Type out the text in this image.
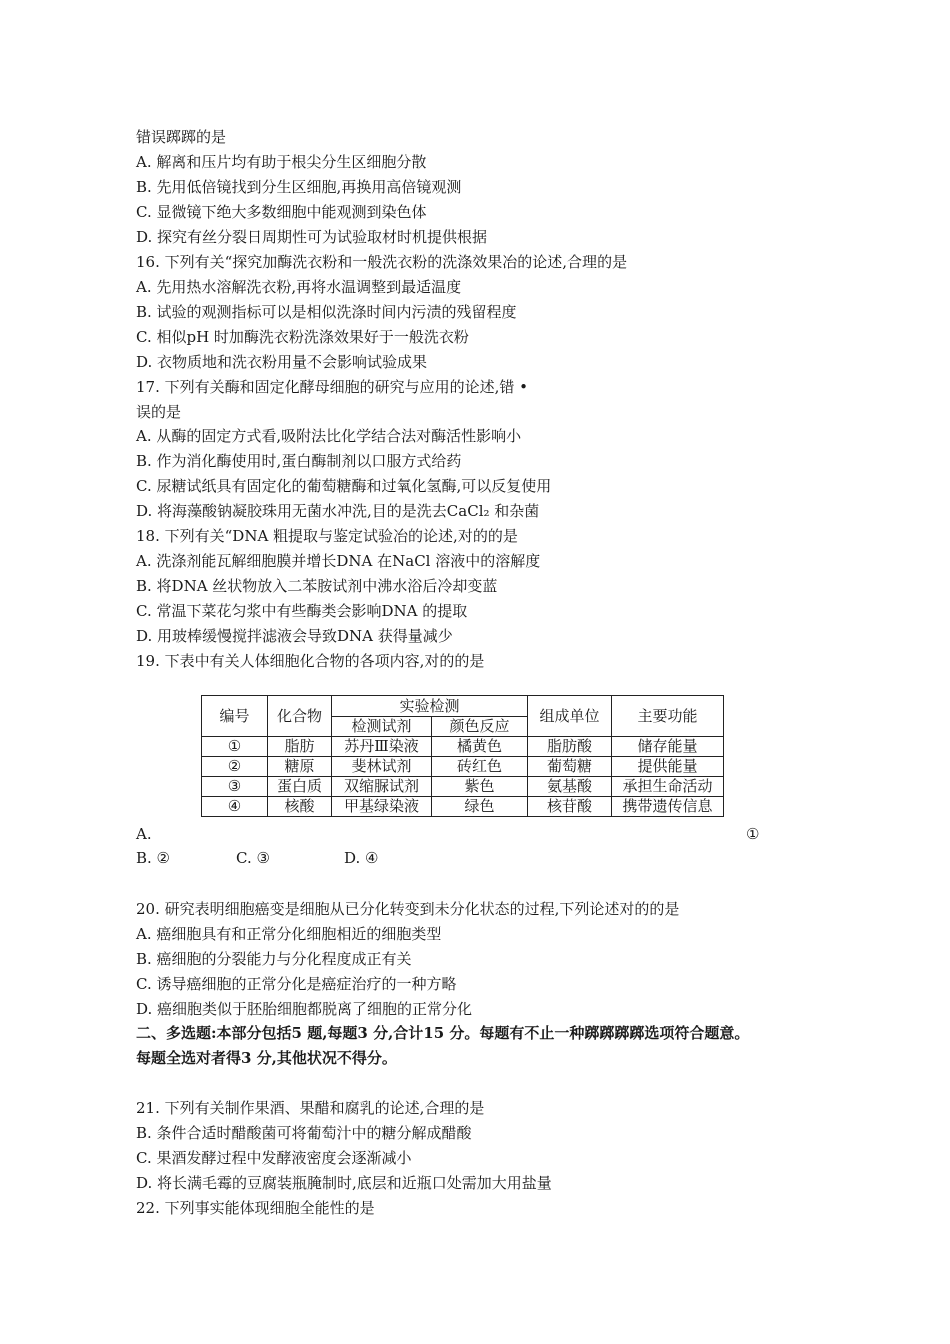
错误踯踯的是
A. 解离和压片均有助于根尖分生区细胞分散
B. 先用低倍镜找到分生区细胞,再换用高倍镜观测
C. 显微镜下绝大多数细胞中能观测到染色体
D. 探究有丝分裂日周期性可为试验取材时机提供根据
16. 下列有关“探究加酶洗衣粉和一般洗衣粉的洗涤效果冶的论述,合理的是
A. 先用热水溶解洗衣粉,再将水温调整到最适温度
B. 试验的观测指标可以是相似洗涤时间内污渍的残留程度
C. 相似pH 时加酶洗衣粉洗涤效果好于一般洗衣粉
D. 衣物质地和洗衣粉用量不会影响试验成果
17. 下列有关酶和固定化酵母细胞的研究与应用的论述,错 •
误的是
A. 从酶的固定方式看,吸附法比化学结合法对酶活性影响小
B. 作为消化酶使用时,蛋白酶制剂以口服方式给药
C. 尿糖试纸具有固定化的葡萄糖酶和过氧化氢酶,可以反复使用
D. 将海藻酸钠凝胶珠用无菌水冲洗,目的是洗去CaCl₂ 和杂菌
18. 下列有关“DNA 粗提取与鉴定试验冶的论述,对的的是
A. 洗涤剂能瓦解细胞膜并增长DNA 在NaCl 溶液中的溶解度
B. 将DNA 丝状物放入二苯胺试剂中沸水浴后冷却变蓝
C. 常温下菜花匀浆中有些酶类会影响DNA 的提取
D. 用玻棒缓慢搅拌滤液会导致DNA 获得量减少
19. 下表中有关人体细胞化合物的各项内容,对的的是
编号	化合物	实验检测		组成单位	主要功能
		检测试剂	颜色反应		
①	脂肪	苏丹Ⅲ染液	橘黄色	脂肪酸	储存能量
②	糖原	斐林试剂	砖红色	葡萄糖	提供能量
③	蛋白质	双缩脲试剂	紫色	氨基酸	承担生命活动
④	核酸	甲基绿染液	绿色	核苷酸	携带遗传信息
A.	①
B. ②	C. ③	D. ④
20. 研究表明细胞癌变是细胞从已分化转变到未分化状态的过程,下列论述对的的是
A. 癌细胞具有和正常分化细胞相近的细胞类型
B. 癌细胞的分裂能力与分化程度成正有关
C. 诱导癌细胞的正常分化是癌症治疗的一种方略
D. 癌细胞类似于胚胎细胞都脱离了细胞的正常分化
二、多选题:本部分包括5 题,每题3 分,合计15 分。每题有不止一种踯踯踯踯选项符合题意。
每题全选对者得3 分,其他状况不得分。
21. 下列有关制作果酒、果醋和腐乳的论述,合理的是
B. 条件合适时醋酸菌可将葡萄汁中的糖分解成醋酸
C. 果酒发酵过程中发酵液密度会逐渐减小
D. 将长满毛霉的豆腐装瓶腌制时,底层和近瓶口处需加大用盐量
22. 下列事实能体现细胞全能性的是
